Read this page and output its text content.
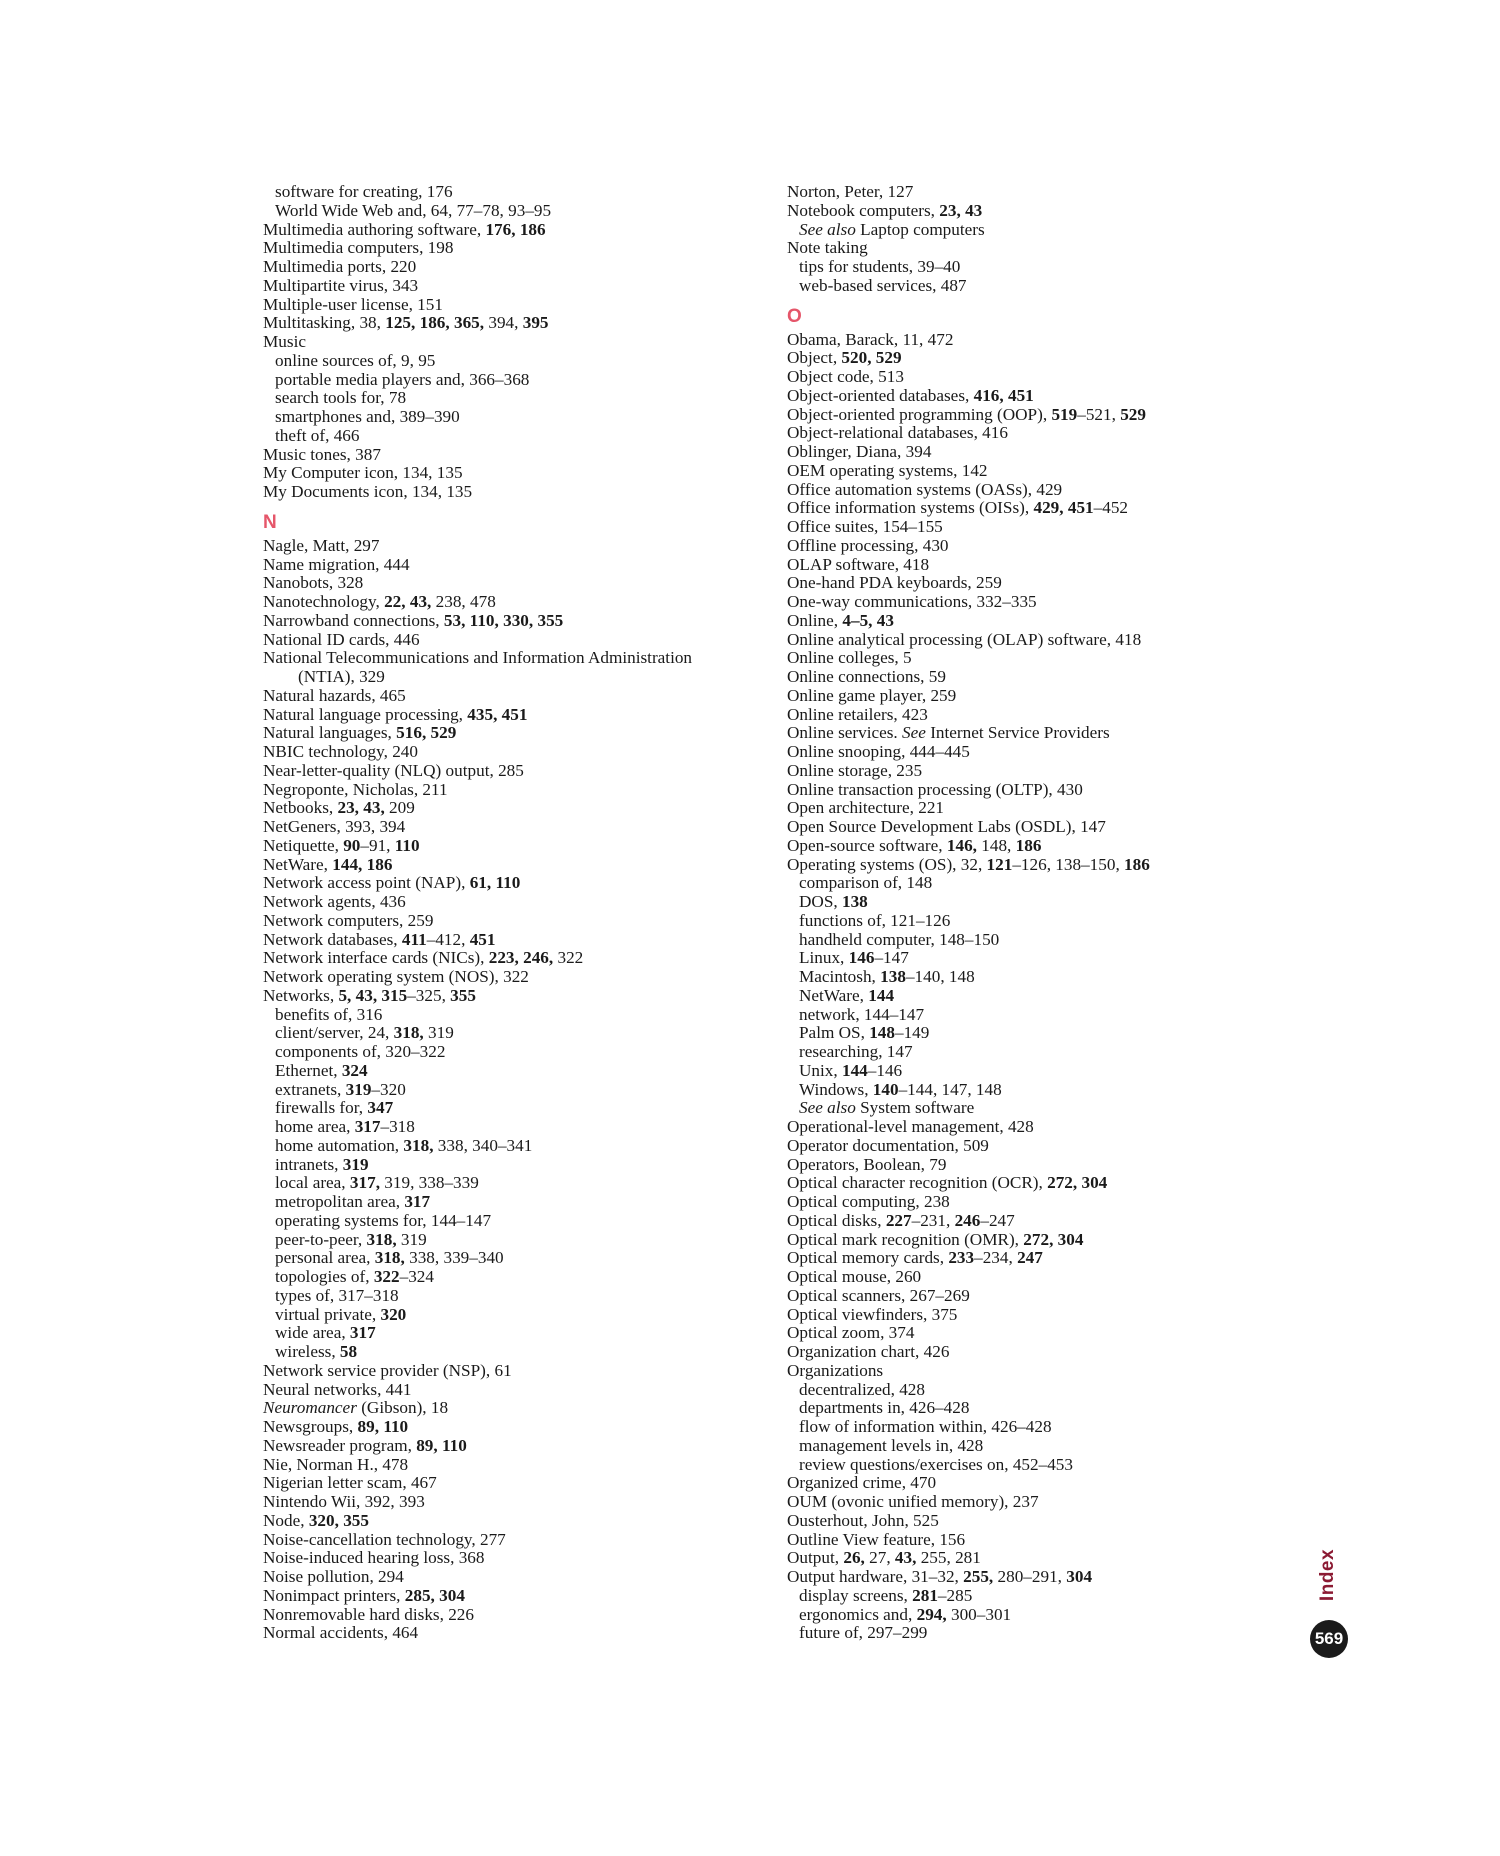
software for creating, 176
World Wide Web and, 64, 77–78, 93–95
Multimedia authoring software, 176, 186
Multimedia computers, 198
Multimedia ports, 220
Multipartite virus, 343
Multiple-user license, 151
Multitasking, 38, 125, 186, 365, 394, 395
Music
online sources of, 9, 95
portable media players and, 366–368
search tools for, 78
smartphones and, 389–390
theft of, 466
Music tones, 387
My Computer icon, 134, 135
My Documents icon, 134, 135
N
Nagle, Matt, 297
Name migration, 444
Nanobots, 328
Nanotechnology, 22, 43, 238, 478
Narrowband connections, 53, 110, 330, 355
National ID cards, 446
National Telecommunications and Information Administration
(NTIA), 329
Natural hazards, 465
Natural language processing, 435, 451
Natural languages, 516, 529
NBIC technology, 240
Near-letter-quality (NLQ) output, 285
Negroponte, Nicholas, 211
Netbooks, 23, 43, 209
NetGeners, 393, 394
Netiquette, 90–91, 110
NetWare, 144, 186
Network access point (NAP), 61, 110
Network agents, 436
Network computers, 259
Network databases, 411–412, 451
Network interface cards (NICs), 223, 246, 322
Network operating system (NOS), 322
Networks, 5, 43, 315–325, 355
benefits of, 316
client/server, 24, 318, 319
components of, 320–322
Ethernet, 324
extranets, 319–320
firewalls for, 347
home area, 317–318
home automation, 318, 338, 340–341
intranets, 319
local area, 317, 319, 338–339
metropolitan area, 317
operating systems for, 144–147
peer-to-peer, 318, 319
personal area, 318, 338, 339–340
topologies of, 322–324
types of, 317–318
virtual private, 320
wide area, 317
wireless, 58
Network service provider (NSP), 61
Neural networks, 441
Neuromancer (Gibson), 18
Newsgroups, 89, 110
Newsreader program, 89, 110
Nie, Norman H., 478
Nigerian letter scam, 467
Nintendo Wii, 392, 393
Node, 320, 355
Noise-cancellation technology, 277
Noise-induced hearing loss, 368
Noise pollution, 294
Nonimpact printers, 285, 304
Nonremovable hard disks, 226
Normal accidents, 464
Norton, Peter, 127
Notebook computers, 23, 43
See also Laptop computers
Note taking
tips for students, 39–40
web-based services, 487
O
Obama, Barack, 11, 472
Object, 520, 529
Object code, 513
Object-oriented databases, 416, 451
Object-oriented programming (OOP), 519–521, 529
Object-relational databases, 416
Oblinger, Diana, 394
OEM operating systems, 142
Office automation systems (OASs), 429
Office information systems (OISs), 429, 451–452
Office suites, 154–155
Offline processing, 430
OLAP software, 418
One-hand PDA keyboards, 259
One-way communications, 332–335
Online, 4–5, 43
Online analytical processing (OLAP) software, 418
Online colleges, 5
Online connections, 59
Online game player, 259
Online retailers, 423
Online services. See Internet Service Providers
Online snooping, 444–445
Online storage, 235
Online transaction processing (OLTP), 430
Open architecture, 221
Open Source Development Labs (OSDL), 147
Open-source software, 146, 148, 186
Operating systems (OS), 32, 121–126, 138–150, 186
comparison of, 148
DOS, 138
functions of, 121–126
handheld computer, 148–150
Linux, 146–147
Macintosh, 138–140, 148
NetWare, 144
network, 144–147
Palm OS, 148–149
researching, 147
Unix, 144–146
Windows, 140–144, 147, 148
See also System software
Operational-level management, 428
Operator documentation, 509
Operators, Boolean, 79
Optical character recognition (OCR), 272, 304
Optical computing, 238
Optical disks, 227–231, 246–247
Optical mark recognition (OMR), 272, 304
Optical memory cards, 233–234, 247
Optical mouse, 260
Optical scanners, 267–269
Optical viewfinders, 375
Optical zoom, 374
Organization chart, 426
Organizations
decentralized, 428
departments in, 426–428
flow of information within, 426–428
management levels in, 428
review questions/exercises on, 452–453
Organized crime, 470
OUM (ovonic unified memory), 237
Ousterhout, John, 525
Outline View feature, 156
Output, 26, 27, 43, 255, 281
Output hardware, 31–32, 255, 280–291, 304
display screens, 281–285
ergonomics and, 294, 300–301
future of, 297–299
Index
569
